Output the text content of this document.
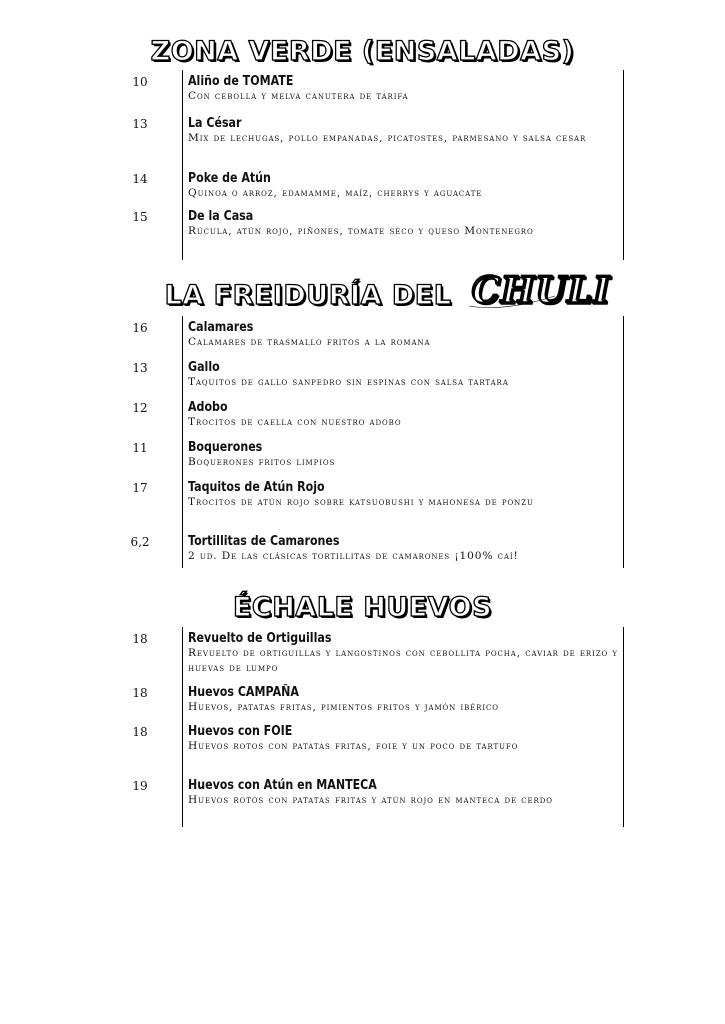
ZONA VERDE (ENSALADAS)
10	Aliño de TOMATE
Con cebolla y melva canutera de tarifa
13	La César
Mix de lechugas, pollo empanadas, picatostes, parmesano y salsa cesar
14	Poke de Atún
Quinoa o arroz, edamamme, maíz, cherrys y aguacate
15	De la Casa
Rúcula, atún rojo, piñones, tomate seco y queso Montenegro
LA FREIDURÍA DEL CHULI
16	Calamares
Calamares de trasmallo fritos a la romana
13	Gallo
Taquitos de gallo sanpedro sin espinas con salsa tartara
12	Adobo
Trocitos de caella con nuestro adobo
11	Boquerones
Boquerones fritos limpios
17	Taquitos de Atún Rojo
Trocitos de atún rojo sobre katsuobushi y mahonesa de ponzu
6,2	Tortillitas de Camarones
2 ud. De las clásicas tortillitas de camarones ¡100% caí!
ÉCHALE HUEVOS
18	Revuelto de Ortiguillas
Revuelto de ortiguillas y langostinos con cebollita pocha, caviar de erizo y huevas de lumpo
18	Huevos CAMPAÑA
Huevos, patatas fritas, pimientos fritos y jamón ibérico
18	Huevos con FOIE
Huevos rotos con patatas fritas, foie y un poco de tartufo
19	Huevos con Atún en MANTECA
Huevos rotos con patatas fritas y atún rojo en manteca de cerdo
